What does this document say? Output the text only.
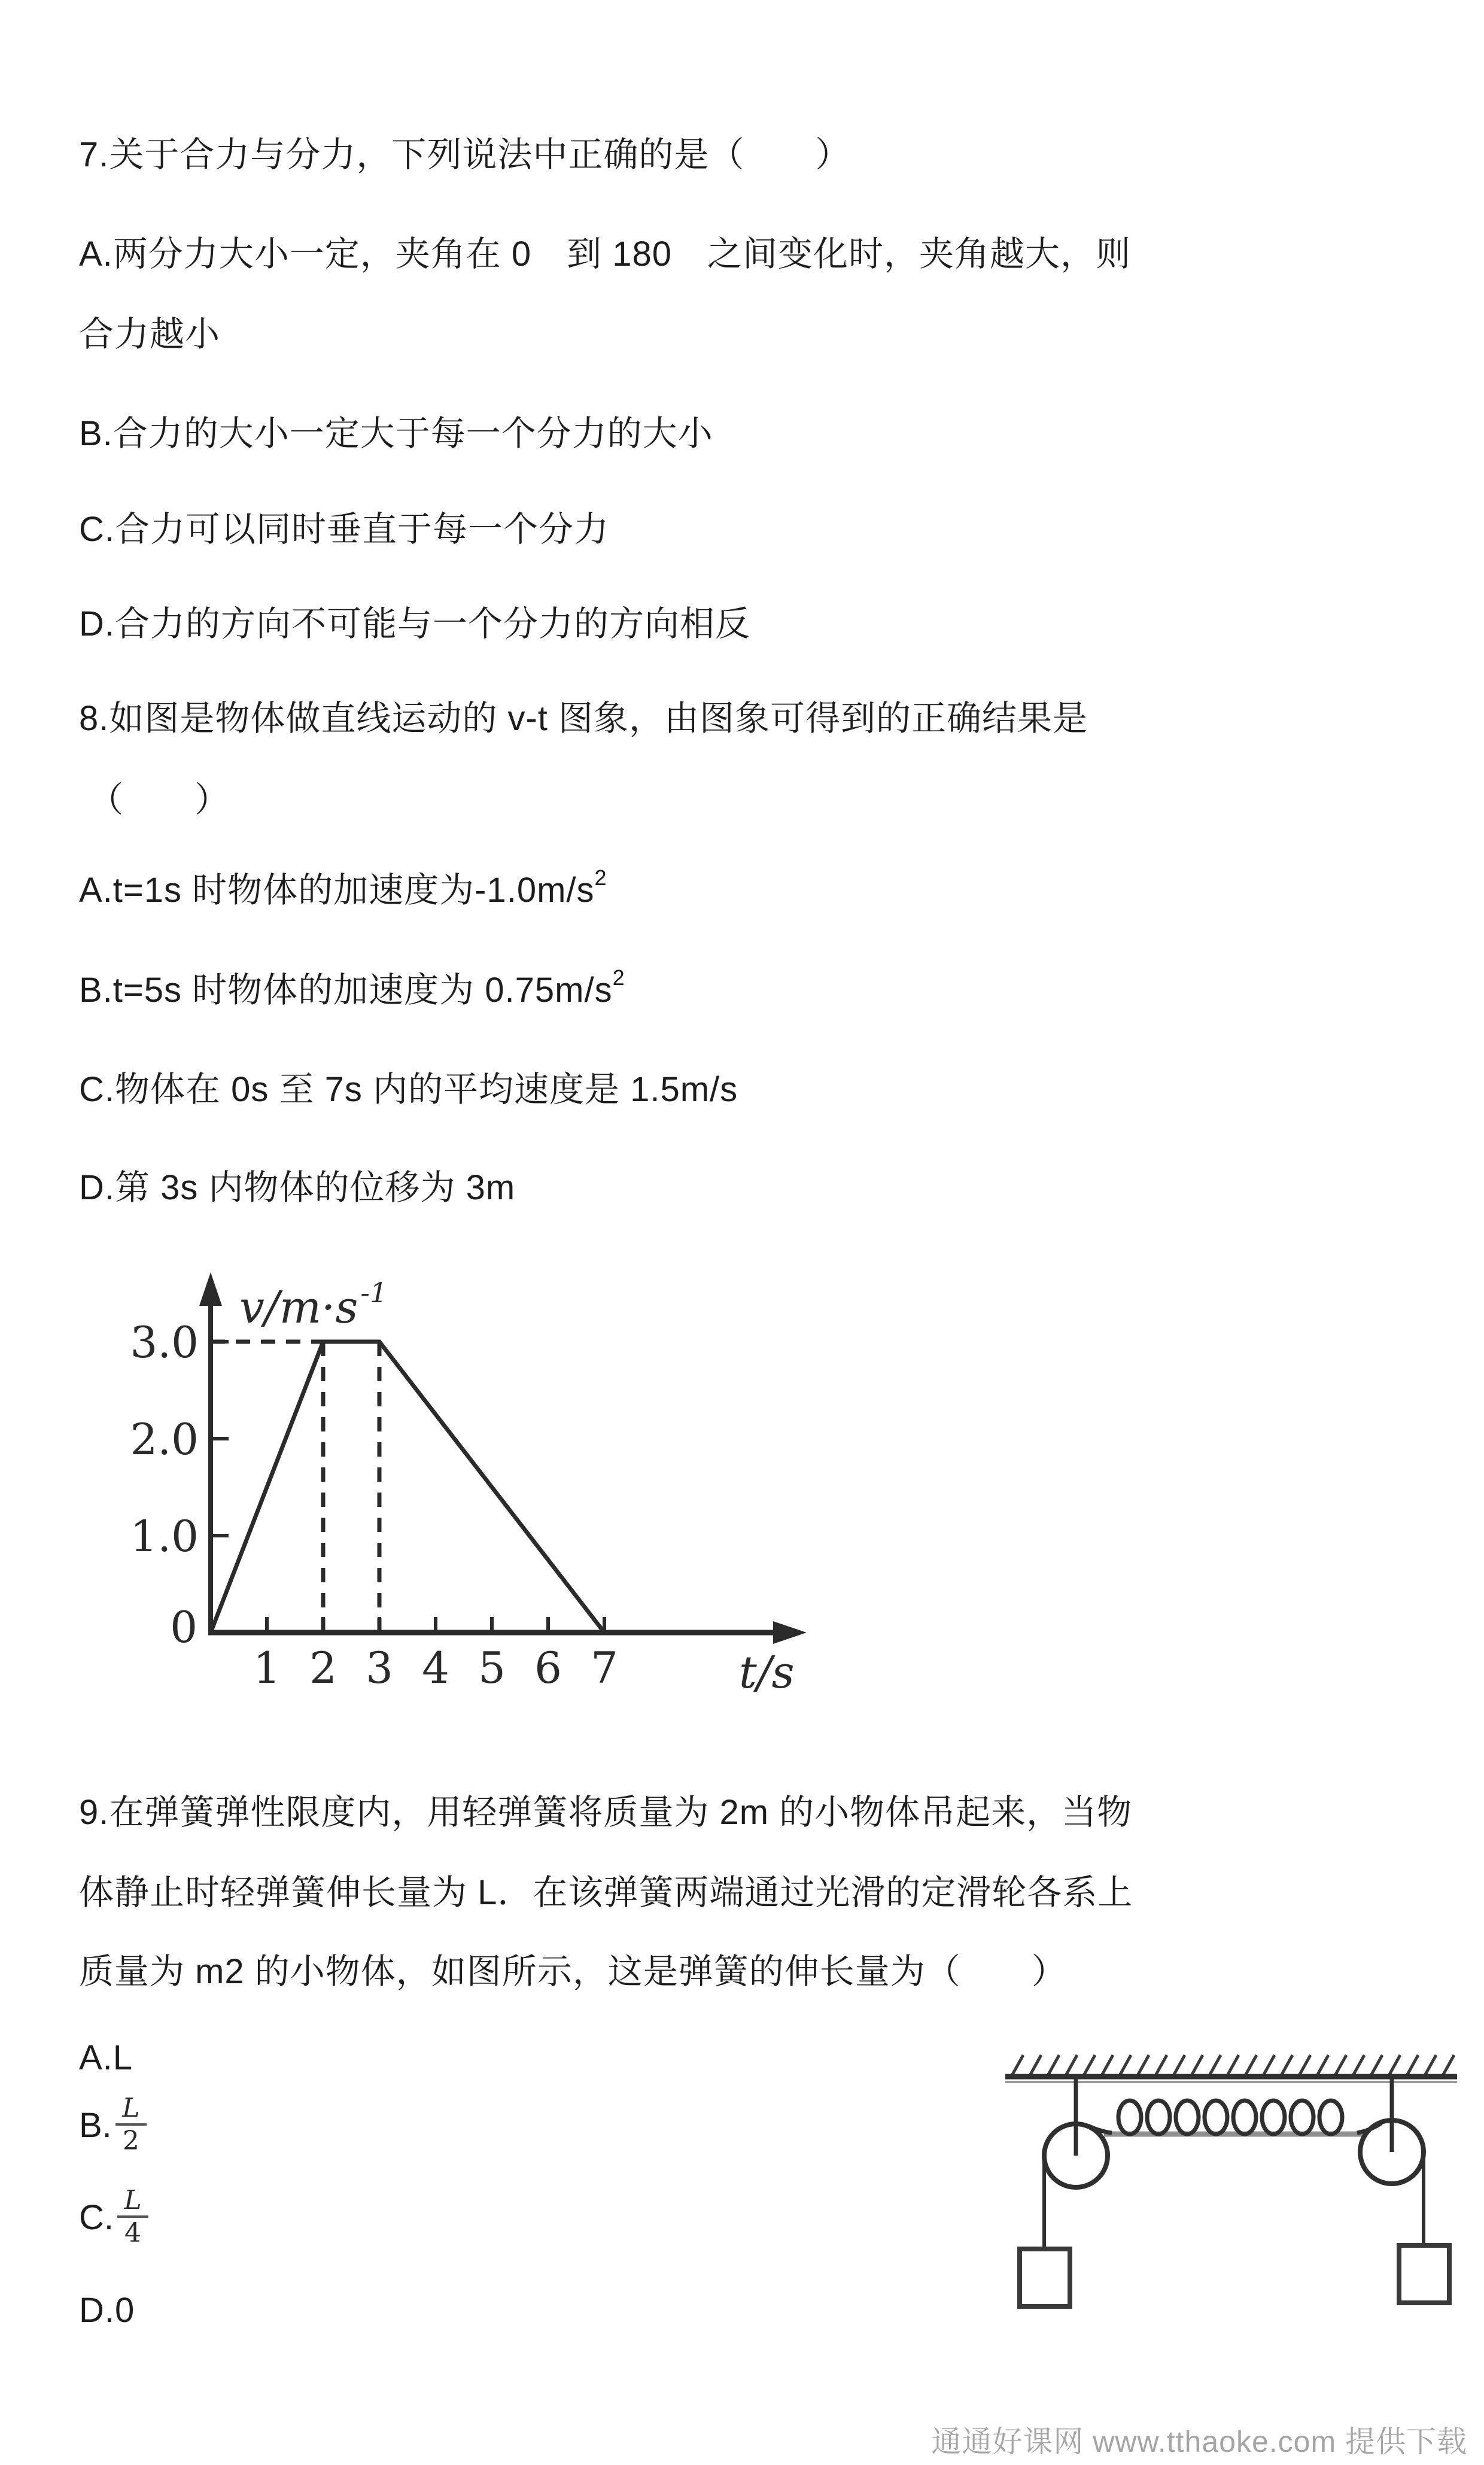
7.关于合力与分力，下列说法中正确的是（　　）
A.两分力大小一定，夹角在 0　到 180　之间变化时，夹角越大，则
合力越小
B.合力的大小一定大于每一个分力的大小
C.合力可以同时垂直于每一个分力
D.合力的方向不可能与一个分力的方向相反
8.如图是物体做直线运动的 v-t 图象，由图象可得到的正确结果是
（　　）
A.t=1s 时物体的加速度为$-1.0m/s^2$
B.t=5s 时物体的加速度为 $0.75m/s^2$
C.物体在 0s 至 7s 内的平均速度是 1.5m/s
D.第 3s 内物体的位移为 3m
1 2 3 4 5 6 7
1.0
2.0
3.0
0
$v/m\cdot s^{-1}$
t/s
9.在弹簧弹性限度内，用轻弹簧将质量为 2m 的小物体吊起来，当物
体静止时轻弹簧伸长量为 L．在该弹簧两端通过光滑的定滑轮各系上
质量为 m2 的小物体，如图所示，这是弹簧的伸长量为（　　）
A.L
B. $\frac{L}{2}$
C. $\frac{L}{4}$
D.0
通通好课网 www.tthaoke.com 提供下载
